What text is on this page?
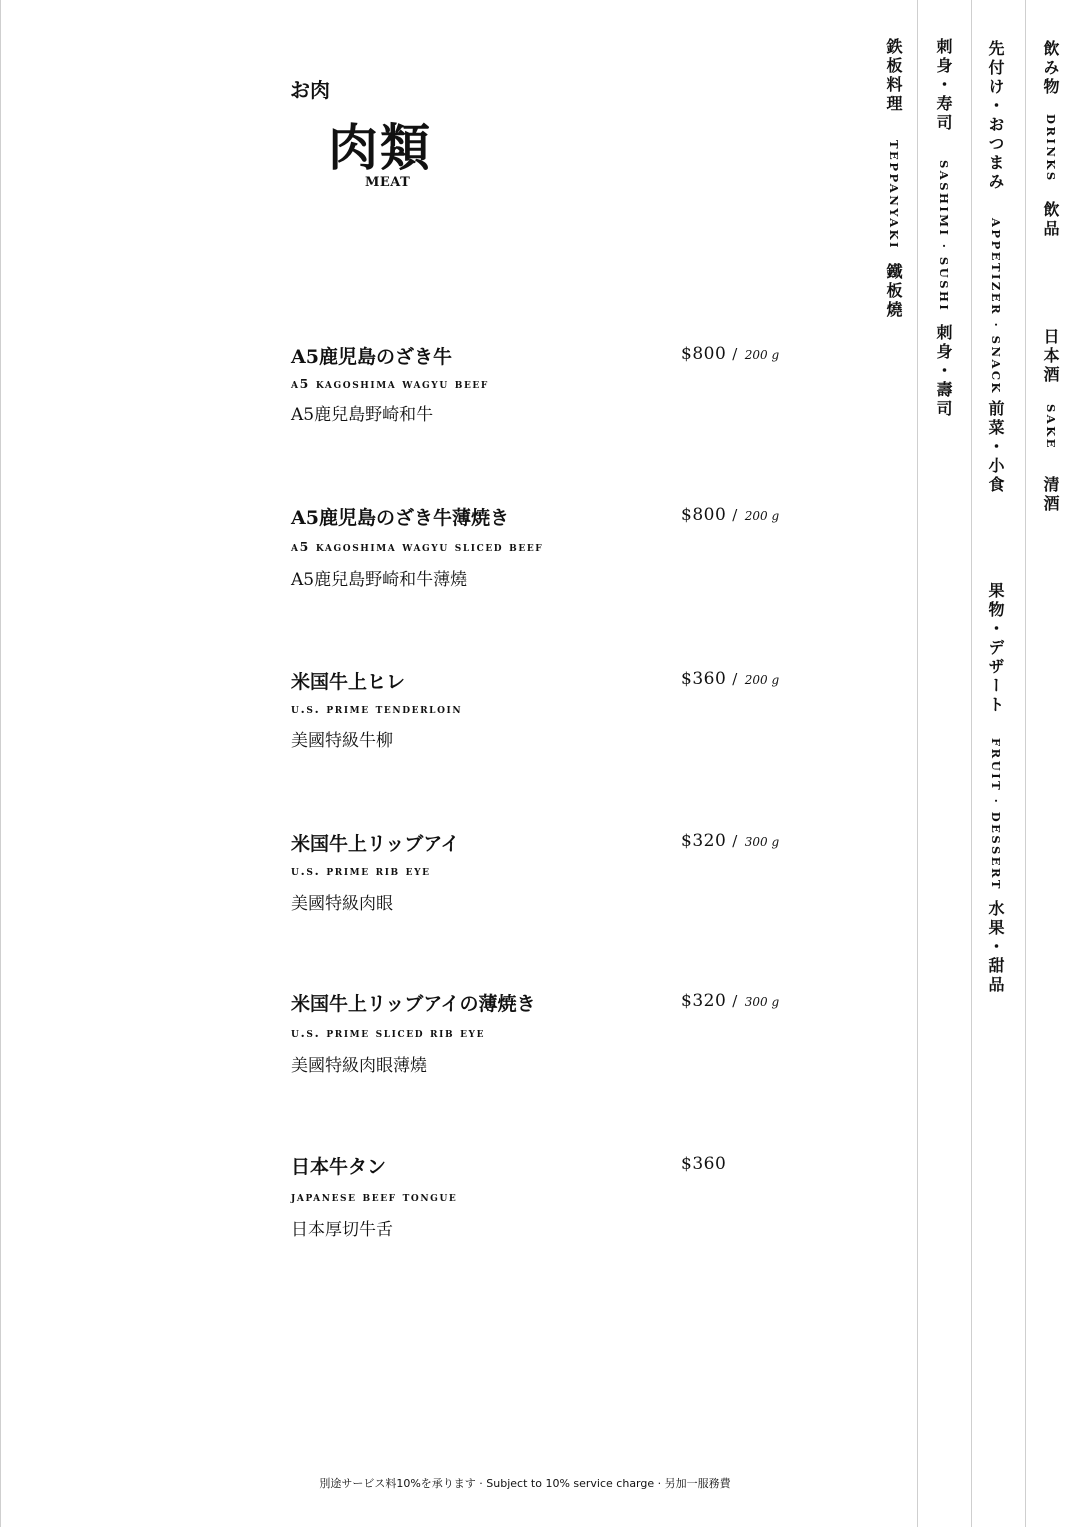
お肉
肉類
MEAT
A5鹿児島のざき牛
a5 kagoshima wagyu beef
A5鹿兒島野崎和牛
$800 / 200 g
A5鹿児島のざき牛薄焼き
a5 kagoshima wagyu sliced beef
A5鹿兒島野崎和牛薄燒
$800 / 200 g
米国牛上ヒレ
u.s. prime tenderloin
美國特級牛柳
$360 / 200 g
米国牛上リッブアイ
u.s. prime rib eye
美國特級肉眼
$320 / 300 g
米国牛上リッブアイの薄焼き
u.s. prime sliced rib eye
美國特級肉眼薄燒
$320 / 300 g
日本牛タン
japanese beef tongue
日本厚切牛舌
$360
別途サービス料10%を承ります · Subject to 10% service charge · 另加一服務費
鉄板料理
TEPPANYAKI
鐵板燒
刺身・寿司
SASHIMI · SUSHI
刺身・壽司
先付け・おつまみ
APPETIZER · SNACK
前菜・小食
果物・デザート
FRUIT · DESSERT
水果・甜品
飲み物
DRINKS
飲品
日本酒
SAKE
清酒
